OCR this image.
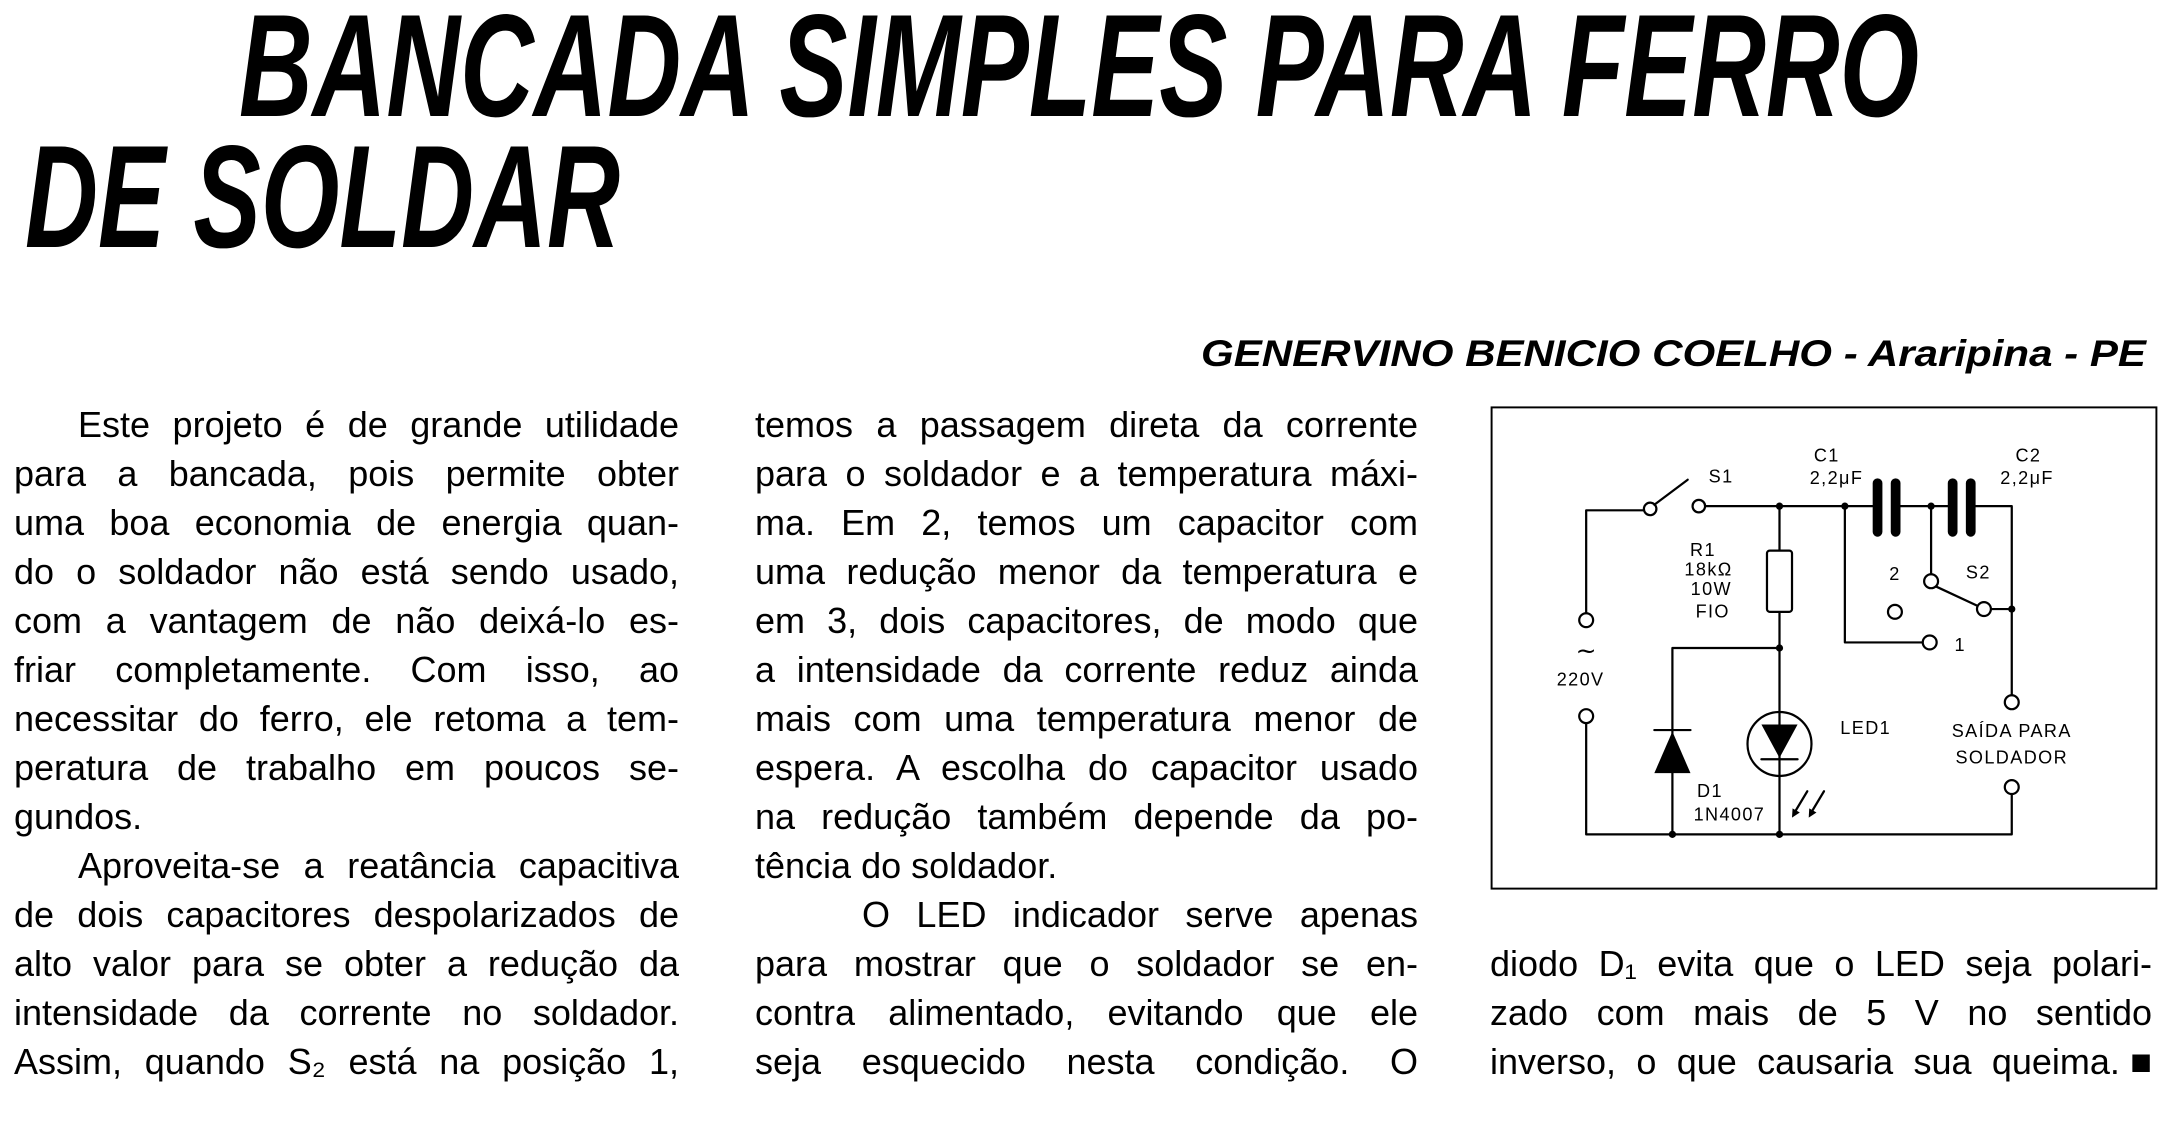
BANCADA SIMPLES PARA FERRO
DE SOLDAR
GENERVINO BENICIO COELHO - Araripina - PE
Este projeto é de grande utilidade
para a bancada, pois permite obter
uma boa economia de energia quan-
do o soldador não está sendo usado,
com a vantagem de não deixá-lo es-
friar completamente. Com isso, ao
necessitar do ferro, ele retoma a tem-
peratura de trabalho em poucos se-
gundos.
Aproveita-se a reatância capacitiva
de dois capacitores despolarizados de
alto valor para se obter a redução da
intensidade da corrente no soldador.
Assim, quando S₂ está na posição 1,
temos a passagem direta da corrente
para o soldador e a temperatura máxi-
ma. Em 2, temos um capacitor com
uma redução menor da temperatura e
em 3, dois capacitores, de modo que
a intensidade da corrente reduz ainda
mais com uma temperatura menor de
espera. A escolha do capacitor usado
na redução também depende da po-
tência do soldador.
O LED indicador serve apenas
para mostrar que o soldador se en-
contra alimentado, evitando que ele
seja esquecido nesta condição. O
diodo D₁ evita que o LED seja polari-
zado com mais de 5 V no sentido
inverso, o que causaria sua queima.■
S1
C1
2,2μF
C2
2,2μF
R1
18kΩ
10W
FIO
2	S2
1
~
220V
LED1
D1
1N4007
SAÍDA PARA
SOLDADOR
